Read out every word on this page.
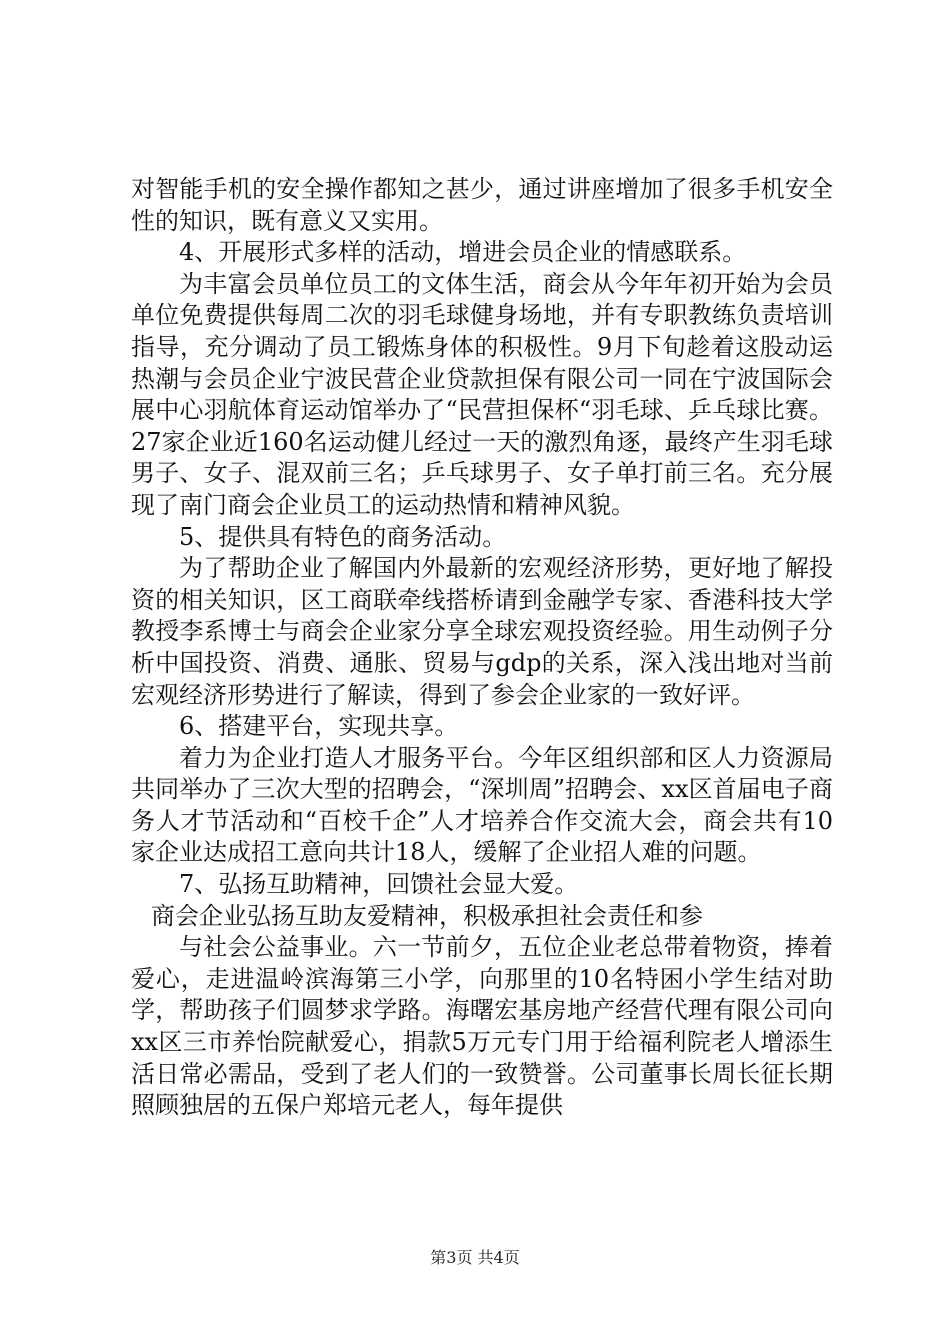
对智能手机的安全操作都知之甚少，通过讲座增加了很多手机安全性的知识，既有意义又实用。

4、开展形式多样的活动，增进会员企业的情感联系。

为丰富会员单位员工的文体生活，商会从今年年初开始为会员单位免费提供每周二次的羽毛球健身场地，并有专职教练负责培训指导，充分调动了员工锻炼身体的积极性。9月下旬趁着这股动运热潮与会员企业宁波民营企业贷款担保有限公司一同在宁波国际会展中心羽航体育运动馆举办了“民营担保杯“羽毛球、乒乓球比赛。27家企业近160名运动健儿经过一天的激烈角逐，最终产生羽毛球男子、女子、混双前三名；乒乓球男子、女子单打前三名。充分展现了南门商会企业员工的运动热情和精神风貌。

5、提供具有特色的商务活动。

为了帮助企业了解国内外最新的宏观经济形势，更好地了解投资的相关知识，区工商联牵线搭桥请到金融学专家、香港科技大学教授李系博士与商会企业家分享全球宏观投资经验。用生动例子分析中国投资、消费、通胀、贸易与gdp的关系，深入浅出地对当前宏观经济形势进行了解读，得到了参会企业家的一致好评。

6、搭建平台，实现共享。

着力为企业打造人才服务平台。今年区组织部和区人力资源局共同举办了三次大型的招聘会，“深圳周”招聘会、xx区首届电子商务人才节活动和“百校千企”人才培养合作交流大会，商会共有10家企业达成招工意向共计18人，缓解了企业招人难的问题。

7、弘扬互助精神，回馈社会显大爱。

商会企业弘扬互助友爱精神，积极承担社会责任和参

与社会公益事业。六一节前夕，五位企业老总带着物资，捧着爱心，走进温岭滨海第三小学，向那里的10名特困小学生结对助学，帮助孩子们圆梦求学路。海曙宏基房地产经营代理有限公司向xx区三市养怡院献爱心，捐款5万元专门用于给福利院老人增添生活日常必需品，受到了老人们的一致赞誉。公司董事长周长征长期照顾独居的五保户郑培元老人，每年提供

第3页 共4页
